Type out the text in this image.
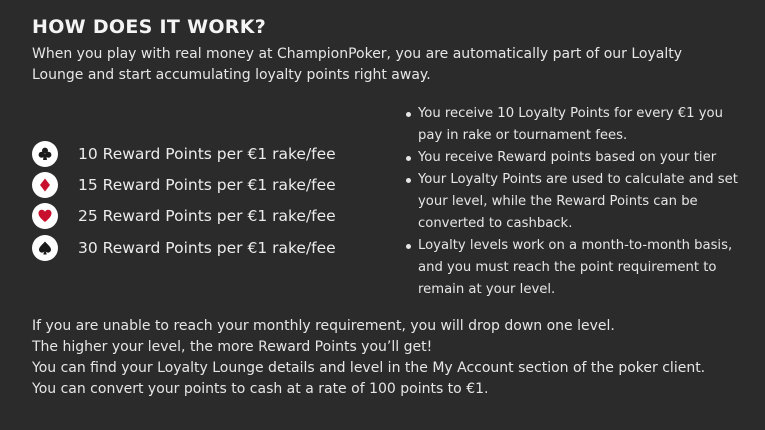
HOW DOES IT WORK?

When you play with real money at ChampionPoker, you are automatically part of our Loyalty Lounge and start accumulating loyalty points right away.

10 Reward Points per €1 rake/fee
15 Reward Points per €1 rake/fee
25 Reward Points per €1 rake/fee
30 Reward Points per €1 rake/fee
You receive 10 Loyalty Points for every €1 you pay in rake or tournament fees.
You receive Reward points based on your tier
Your Loyalty Points are used to calculate and set your level, while the Reward Points can be converted to cashback.
Loyalty levels work on a month-to-month basis, and you must reach the point requirement to remain at your level.

If you are unable to reach your monthly requirement, you will drop down one level.

The higher your level, the more Reward Points you’ll get!

You can find your Loyalty Lounge details and level in the My Account section of the poker client.

You can convert your points to cash at a rate of 100 points to €1.
